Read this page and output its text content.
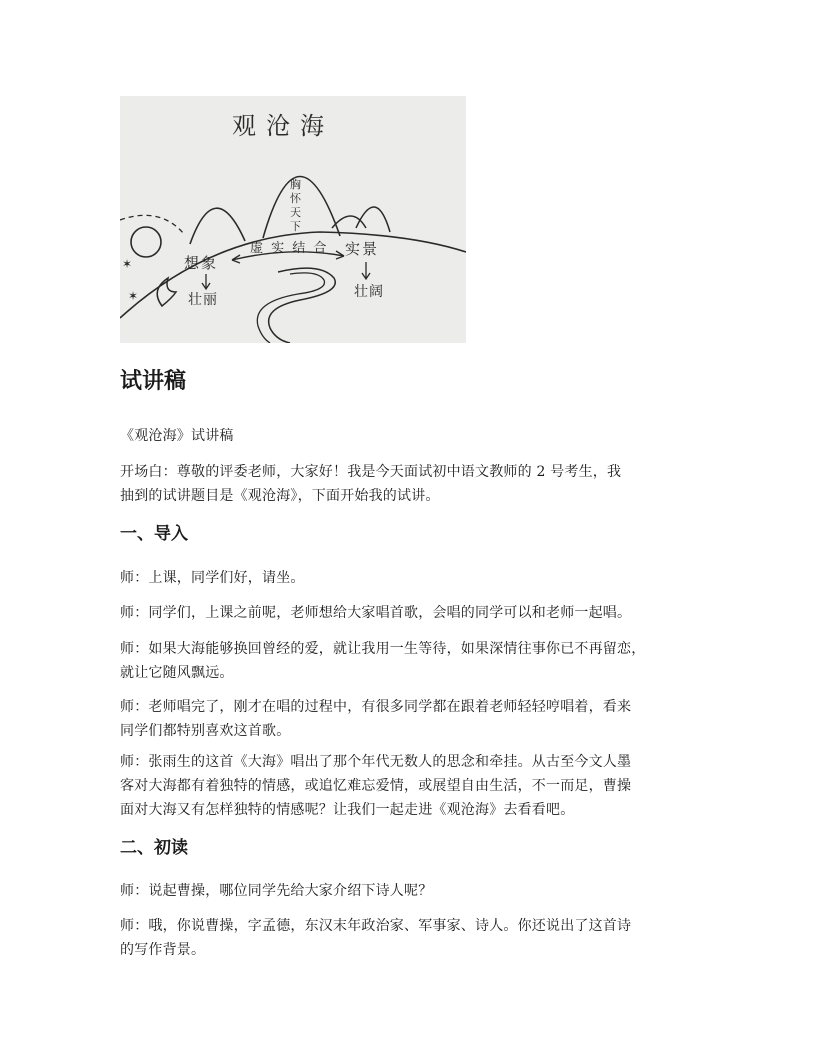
观沧海
✶
✶
胸
怀
天
下
虚 实 结 合 实景
想象
壮丽	壮阔
试讲稿

《观沧海》试讲稿

开场白：尊敬的评委老师，大家好！我是今天面试初中语文教师的 2 号考生，我
抽到的试讲题目是《观沧海》，下面开始我的试讲。

一、导入

师：上课，同学们好，请坐。

师：同学们，上课之前呢，老师想给大家唱首歌，会唱的同学可以和老师一起唱。

师：如果大海能够换回曾经的爱，就让我用一生等待，如果深情往事你已不再留恋，
就让它随风飘远。

师：老师唱完了，刚才在唱的过程中，有很多同学都在跟着老师轻轻哼唱着，看来
同学们都特别喜欢这首歌。

师：张雨生的这首《大海》唱出了那个年代无数人的思念和牵挂。从古至今文人墨
客对大海都有着独特的情感，或追忆难忘爱情，或展望自由生活，不一而足，曹操
面对大海又有怎样独特的情感呢？让我们一起走进《观沧海》去看看吧。

二、初读

师：说起曹操，哪位同学先给大家介绍下诗人呢？

师：哦，你说曹操，字孟德，东汉末年政治家、军事家、诗人。你还说出了这首诗
的写作背景。
